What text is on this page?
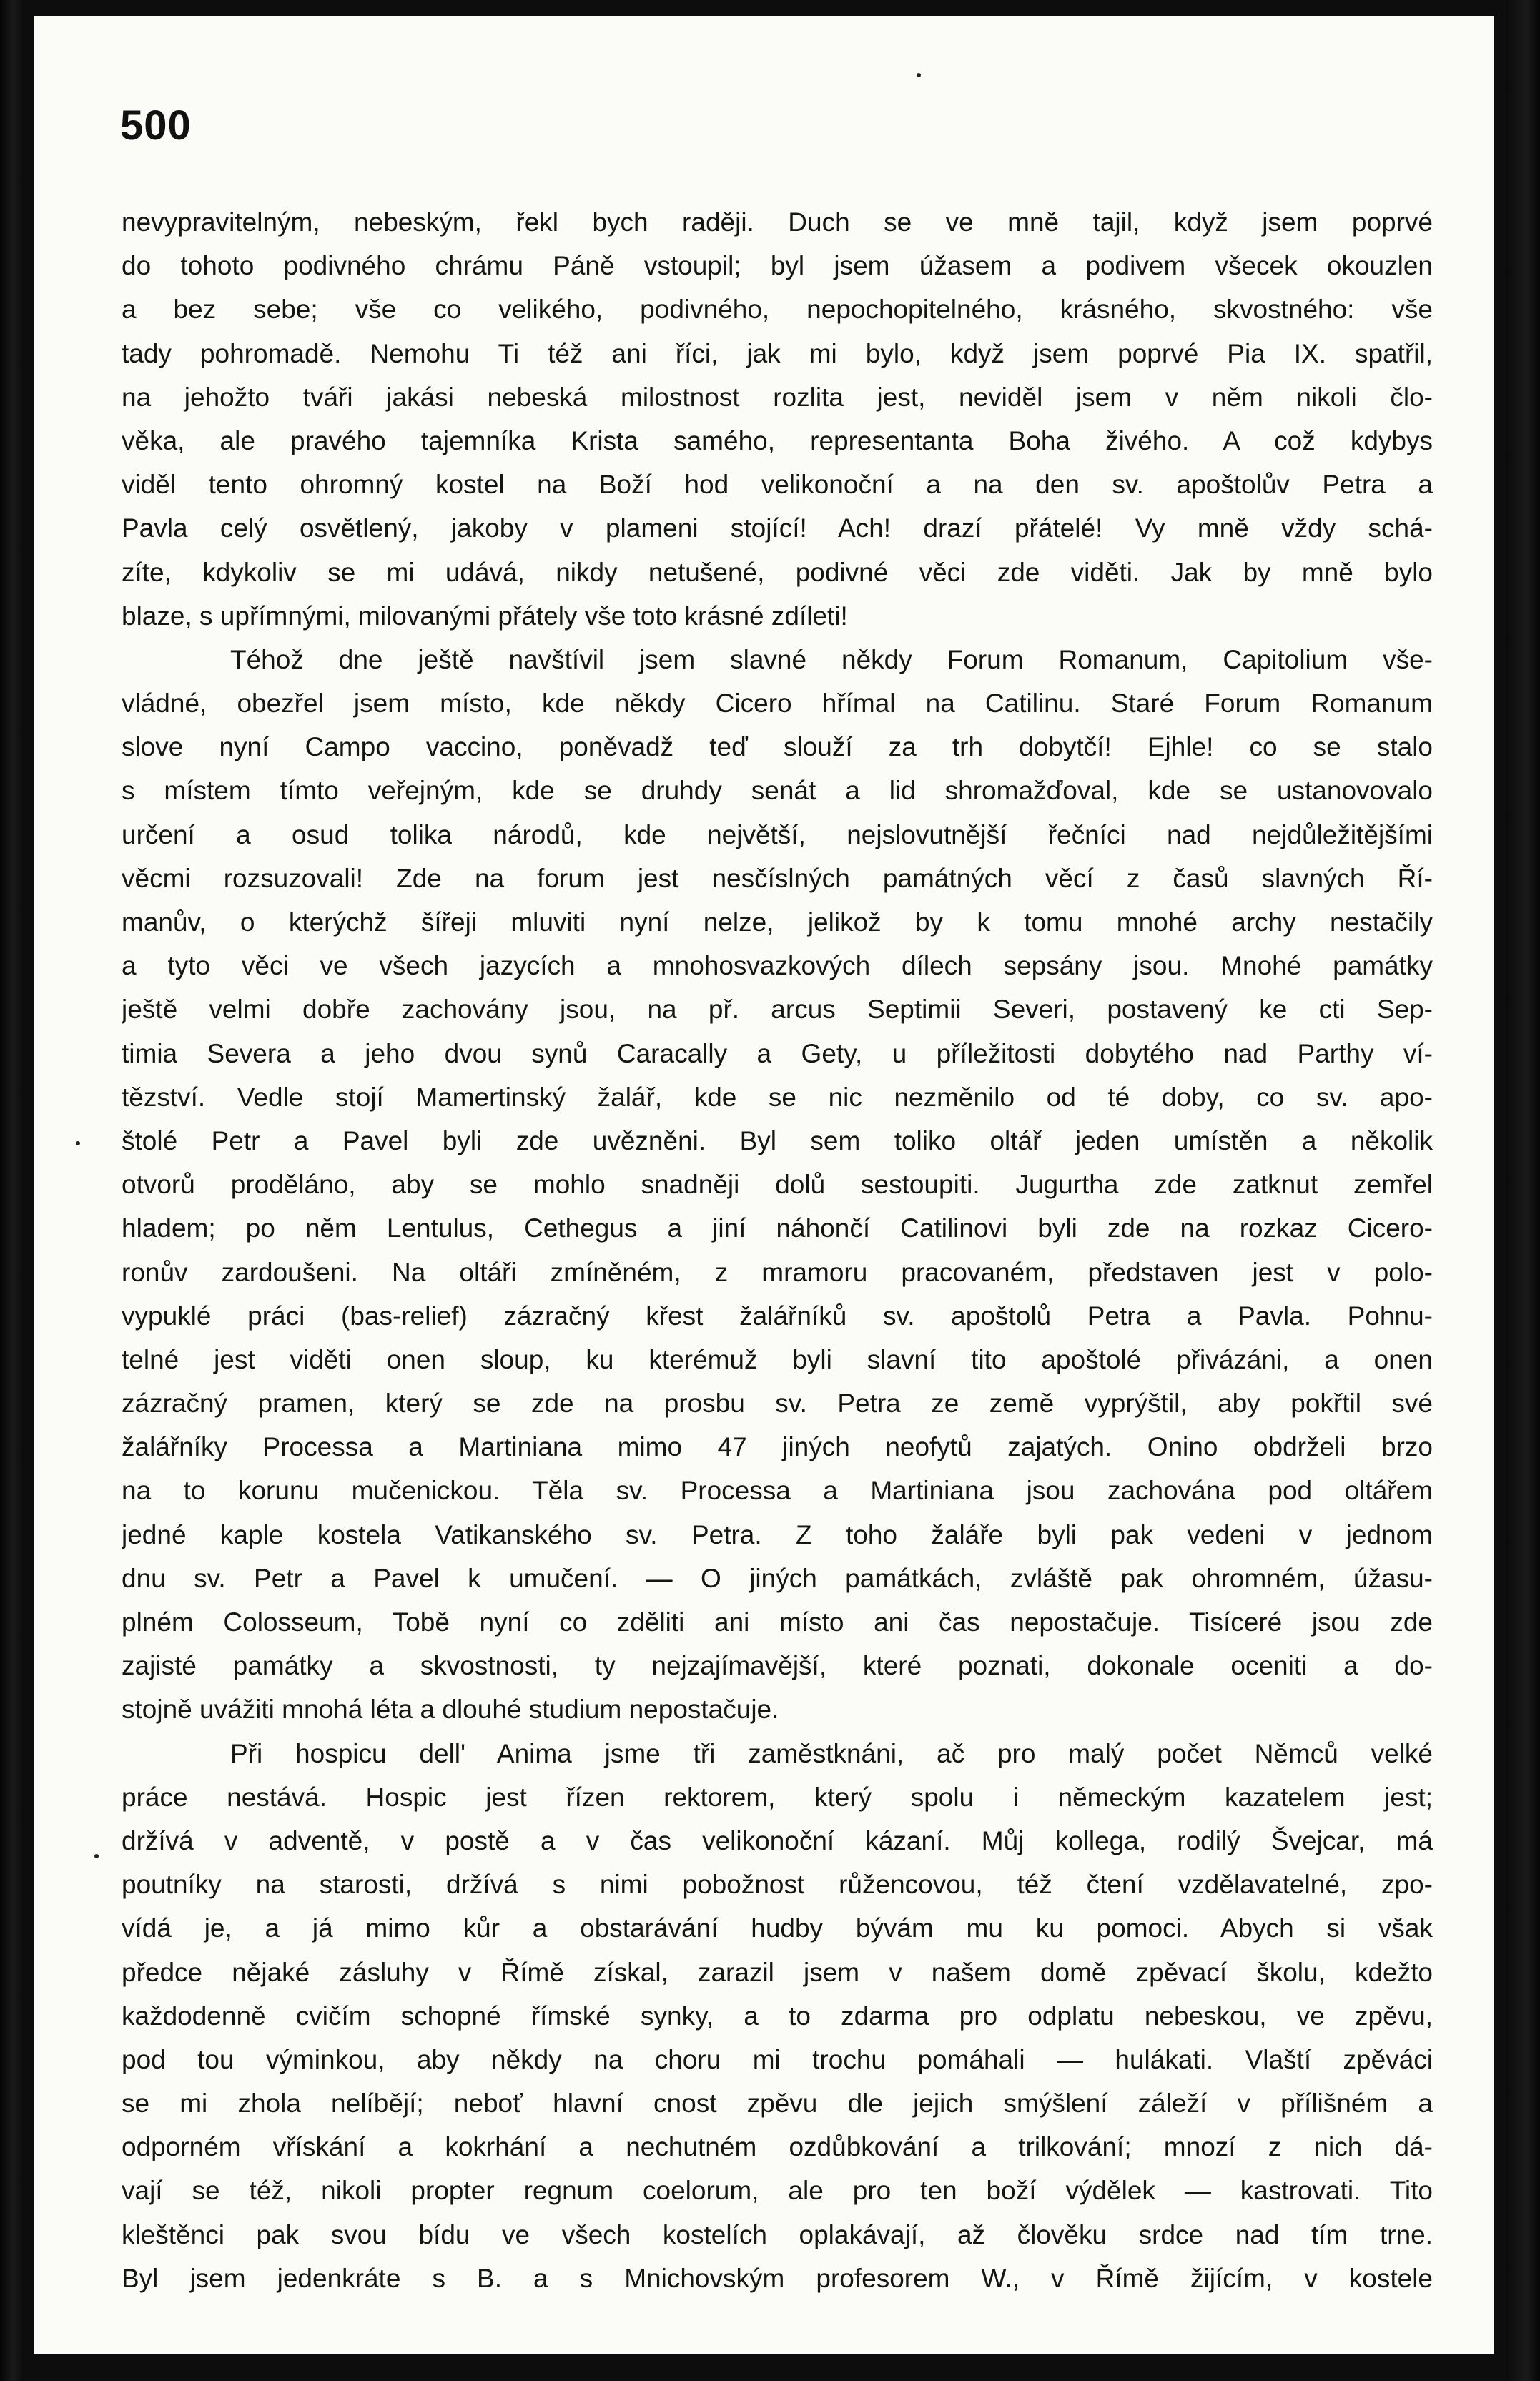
500
nevypravitelným, nebeským, řekl bych raději. Duch se ve mně tajil, když jsem poprvé
do tohoto podivného chrámu Páně vstoupil; byl jsem úžasem a podivem všecek okouzlen
a bez sebe; vše co velikého, podivného, nepochopitelného, krásného, skvostného: vše
tady pohromadě. Nemohu Ti též ani říci, jak mi bylo, když jsem poprvé Pia IX. spatřil,
na jehožto tváři jakási nebeská milostnost rozlita jest, neviděl jsem v něm nikoli člo-
věka, ale pravého tajemníka Krista samého, representanta Boha živého. A což kdybys
viděl tento ohromný kostel na Boží hod velikonoční a na den sv. apoštolův Petra a
Pavla celý osvětlený, jakoby v plameni stojící! Ach! drazí přátelé! Vy mně vždy schá-
zíte, kdykoliv se mi udává, nikdy netušené, podivné věci zde viděti. Jak by mně bylo
blaze, s upřímnými, milovanými přátely vše toto krásné zdíleti!
Téhož dne ještě navštívil jsem slavné někdy Forum Romanum, Capitolium vše-
vládné, obezřel jsem místo, kde někdy Cicero hřímal na Catilinu. Staré Forum Romanum
slove nyní Campo vaccino, poněvadž teď slouží za trh dobytčí! Ejhle! co se stalo
s místem tímto veřejným, kde se druhdy senát a lid shromažďoval, kde se ustanovovalo
určení a osud tolika národů, kde největší, nejslovutnější řečníci nad nejdůležitějšími
věcmi rozsuzovali! Zde na forum jest nesčíslných památných věcí z časů slavných Ří-
manův, o kterýchž šířeji mluviti nyní nelze, jelikož by k tomu mnohé archy nestačily
a tyto věci ve všech jazycích a mnohosvazkových dílech sepsány jsou. Mnohé památky
ještě velmi dobře zachovány jsou, na př. arcus Septimii Severi, postavený ke cti Sep-
timia Severa a jeho dvou synů Caracally a Gety, u příležitosti dobytého nad Parthy ví-
tězství. Vedle stojí Mamertinský žalář, kde se nic nezměnilo od té doby, co sv. apo-
štolé Petr a Pavel byli zde uvězněni. Byl sem toliko oltář jeden umístěn a několik
otvorů proděláno, aby se mohlo snadněji dolů sestoupiti. Jugurtha zde zatknut zemřel
hladem; po něm Lentulus, Cethegus a jiní náhončí Catilinovi byli zde na rozkaz Cicero-
ronův zardoušeni. Na oltáři zmíněném, z mramoru pracovaném, představen jest v polo-
vypuklé práci (bas-relief) zázračný křest žalářníků sv. apoštolů Petra a Pavla. Pohnu-
telné jest viděti onen sloup, ku kterémuž byli slavní tito apoštolé přivázáni, a onen
zázračný pramen, který se zde na prosbu sv. Petra ze země vyprýštil, aby pokřtil své
žalářníky Processa a Martiniana mimo 47 jiných neofytů zajatých. Onino obdrželi brzo
na to korunu mučenickou. Těla sv. Processa a Martiniana jsou zachována pod oltářem
jedné kaple kostela Vatikanského sv. Petra. Z toho žaláře byli pak vedeni v jednom
dnu sv. Petr a Pavel k umučení. — O jiných památkách, zvláště pak ohromném, úžasu-
plném Colosseum, Tobě nyní co zděliti ani místo ani čas nepostačuje. Tisíceré jsou zde
zajisté památky a skvostnosti, ty nejzajímavější, které poznati, dokonale oceniti a do-
stojně uvážiti mnohá léta a dlouhé studium nepostačuje.
Při hospicu dell' Anima jsme tři zaměstknáni, ač pro malý počet Němců velké
práce nestává. Hospic jest řízen rektorem, který spolu i německým kazatelem jest;
držívá v adventě, v postě a v čas velikonoční kázaní. Můj kollega, rodilý Švejcar, má
poutníky na starosti, držívá s nimi pobožnost růžencovou, též čtení vzdělavatelné, zpo-
vídá je, a já mimo kůr a obstarávání hudby bývám mu ku pomoci. Abych si však
předce nějaké zásluhy v Římě získal, zarazil jsem v našem domě zpěvací školu, kdežto
každodenně cvičím schopné římské synky, a to zdarma pro odplatu nebeskou, ve zpěvu,
pod tou výminkou, aby někdy na choru mi trochu pomáhali — hulákati. Vlaští zpěváci
se mi zhola nelíbějí; neboť hlavní cnost zpěvu dle jejich smýšlení záleží v přílišném a
odporném vřískání a kokrhání a nechutném ozdůbkování a trilkování; mnozí z nich dá-
vají se též, nikoli propter regnum coelorum, ale pro ten boží výdělek — kastrovati. Tito
kleštěnci pak svou bídu ve všech kostelích oplakávají, až člověku srdce nad tím trne.
Byl jsem jedenkráte s B. a s Mnichovským profesorem W., v Římě žijícím, v kostele
